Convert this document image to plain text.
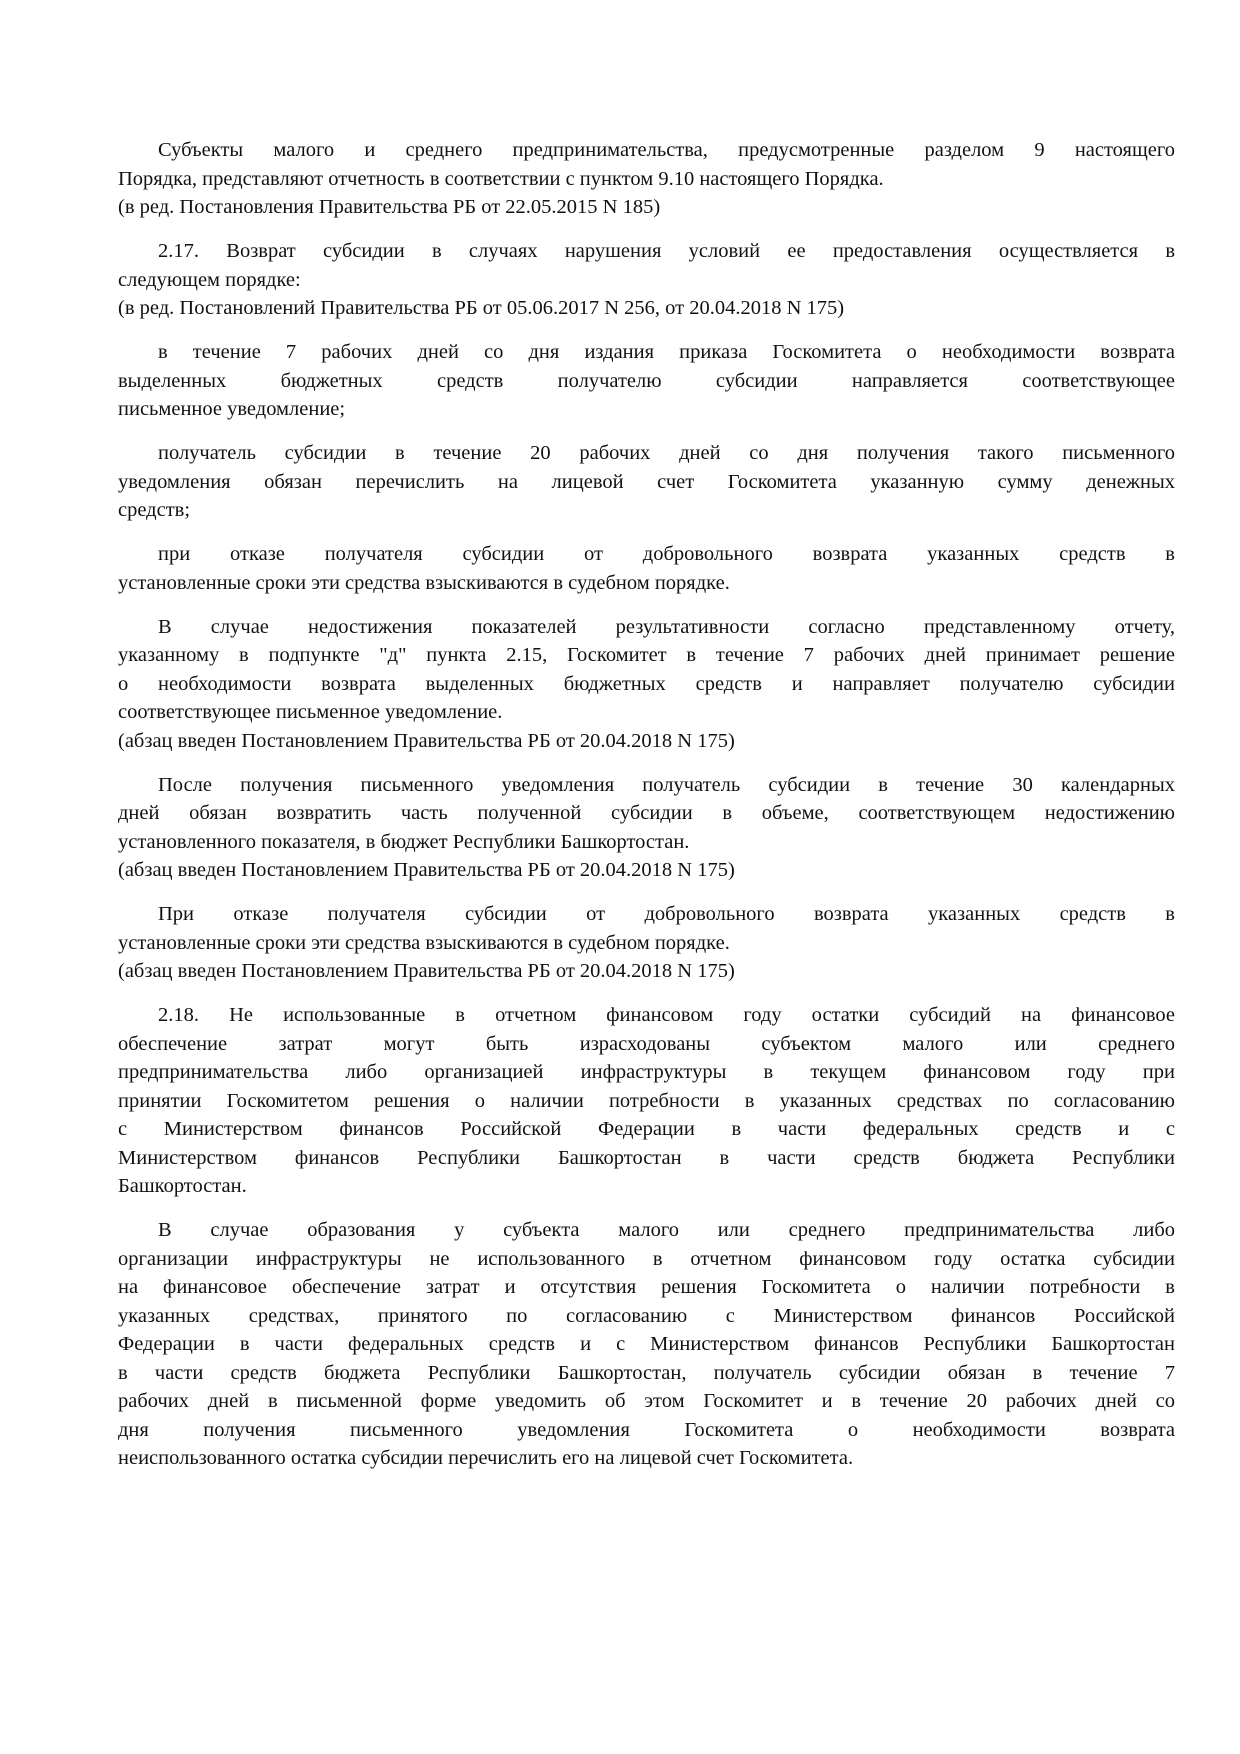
Субъекты малого и среднего предпринимательства, предусмотренные разделом 9 настоящего
Порядка, представляют отчетность в соответствии с пунктом 9.10 настоящего Порядка.
(в ред. Постановления Правительства РБ от 22.05.2015 N 185)
2.17. Возврат субсидии в случаях нарушения условий ее предоставления осуществляется в
следующем порядке:
(в ред. Постановлений Правительства РБ от 05.06.2017 N 256, от 20.04.2018 N 175)
в течение 7 рабочих дней со дня издания приказа Госкомитета о необходимости возврата
выделенных бюджетных средств получателю субсидии направляется соответствующее
письменное уведомление;
получатель субсидии в течение 20 рабочих дней со дня получения такого письменного
уведомления обязан перечислить на лицевой счет Госкомитета указанную сумму денежных
средств;
при отказе получателя субсидии от добровольного возврата указанных средств в
установленные сроки эти средства взыскиваются в судебном порядке.
В случае недостижения показателей результативности согласно представленному отчету,
указанному в подпункте "д" пункта 2.15, Госкомитет в течение 7 рабочих дней принимает решение
о необходимости возврата выделенных бюджетных средств и направляет получателю субсидии
соответствующее письменное уведомление.
(абзац введен Постановлением Правительства РБ от 20.04.2018 N 175)
После получения письменного уведомления получатель субсидии в течение 30 календарных
дней обязан возвратить часть полученной субсидии в объеме, соответствующем недостижению
установленного показателя, в бюджет Республики Башкортостан.
(абзац введен Постановлением Правительства РБ от 20.04.2018 N 175)
При отказе получателя субсидии от добровольного возврата указанных средств в
установленные сроки эти средства взыскиваются в судебном порядке.
(абзац введен Постановлением Правительства РБ от 20.04.2018 N 175)
2.18. Не использованные в отчетном финансовом году остатки субсидий на финансовое
обеспечение затрат могут быть израсходованы субъектом малого или среднего
предпринимательства либо организацией инфраструктуры в текущем финансовом году при
принятии Госкомитетом решения о наличии потребности в указанных средствах по согласованию
с Министерством финансов Российской Федерации в части федеральных средств и с
Министерством финансов Республики Башкортостан в части средств бюджета Республики
Башкортостан.
В случае образования у субъекта малого или среднего предпринимательства либо
организации инфраструктуры не использованного в отчетном финансовом году остатка субсидии
на финансовое обеспечение затрат и отсутствия решения Госкомитета о наличии потребности в
указанных средствах, принятого по согласованию с Министерством финансов Российской
Федерации в части федеральных средств и с Министерством финансов Республики Башкортостан
в части средств бюджета Республики Башкортостан, получатель субсидии обязан в течение 7
рабочих дней в письменной форме уведомить об этом Госкомитет и в течение 20 рабочих дней со
дня получения письменного уведомления Госкомитета о необходимости возврата
неиспользованного остатка субсидии перечислить его на лицевой счет Госкомитета.
